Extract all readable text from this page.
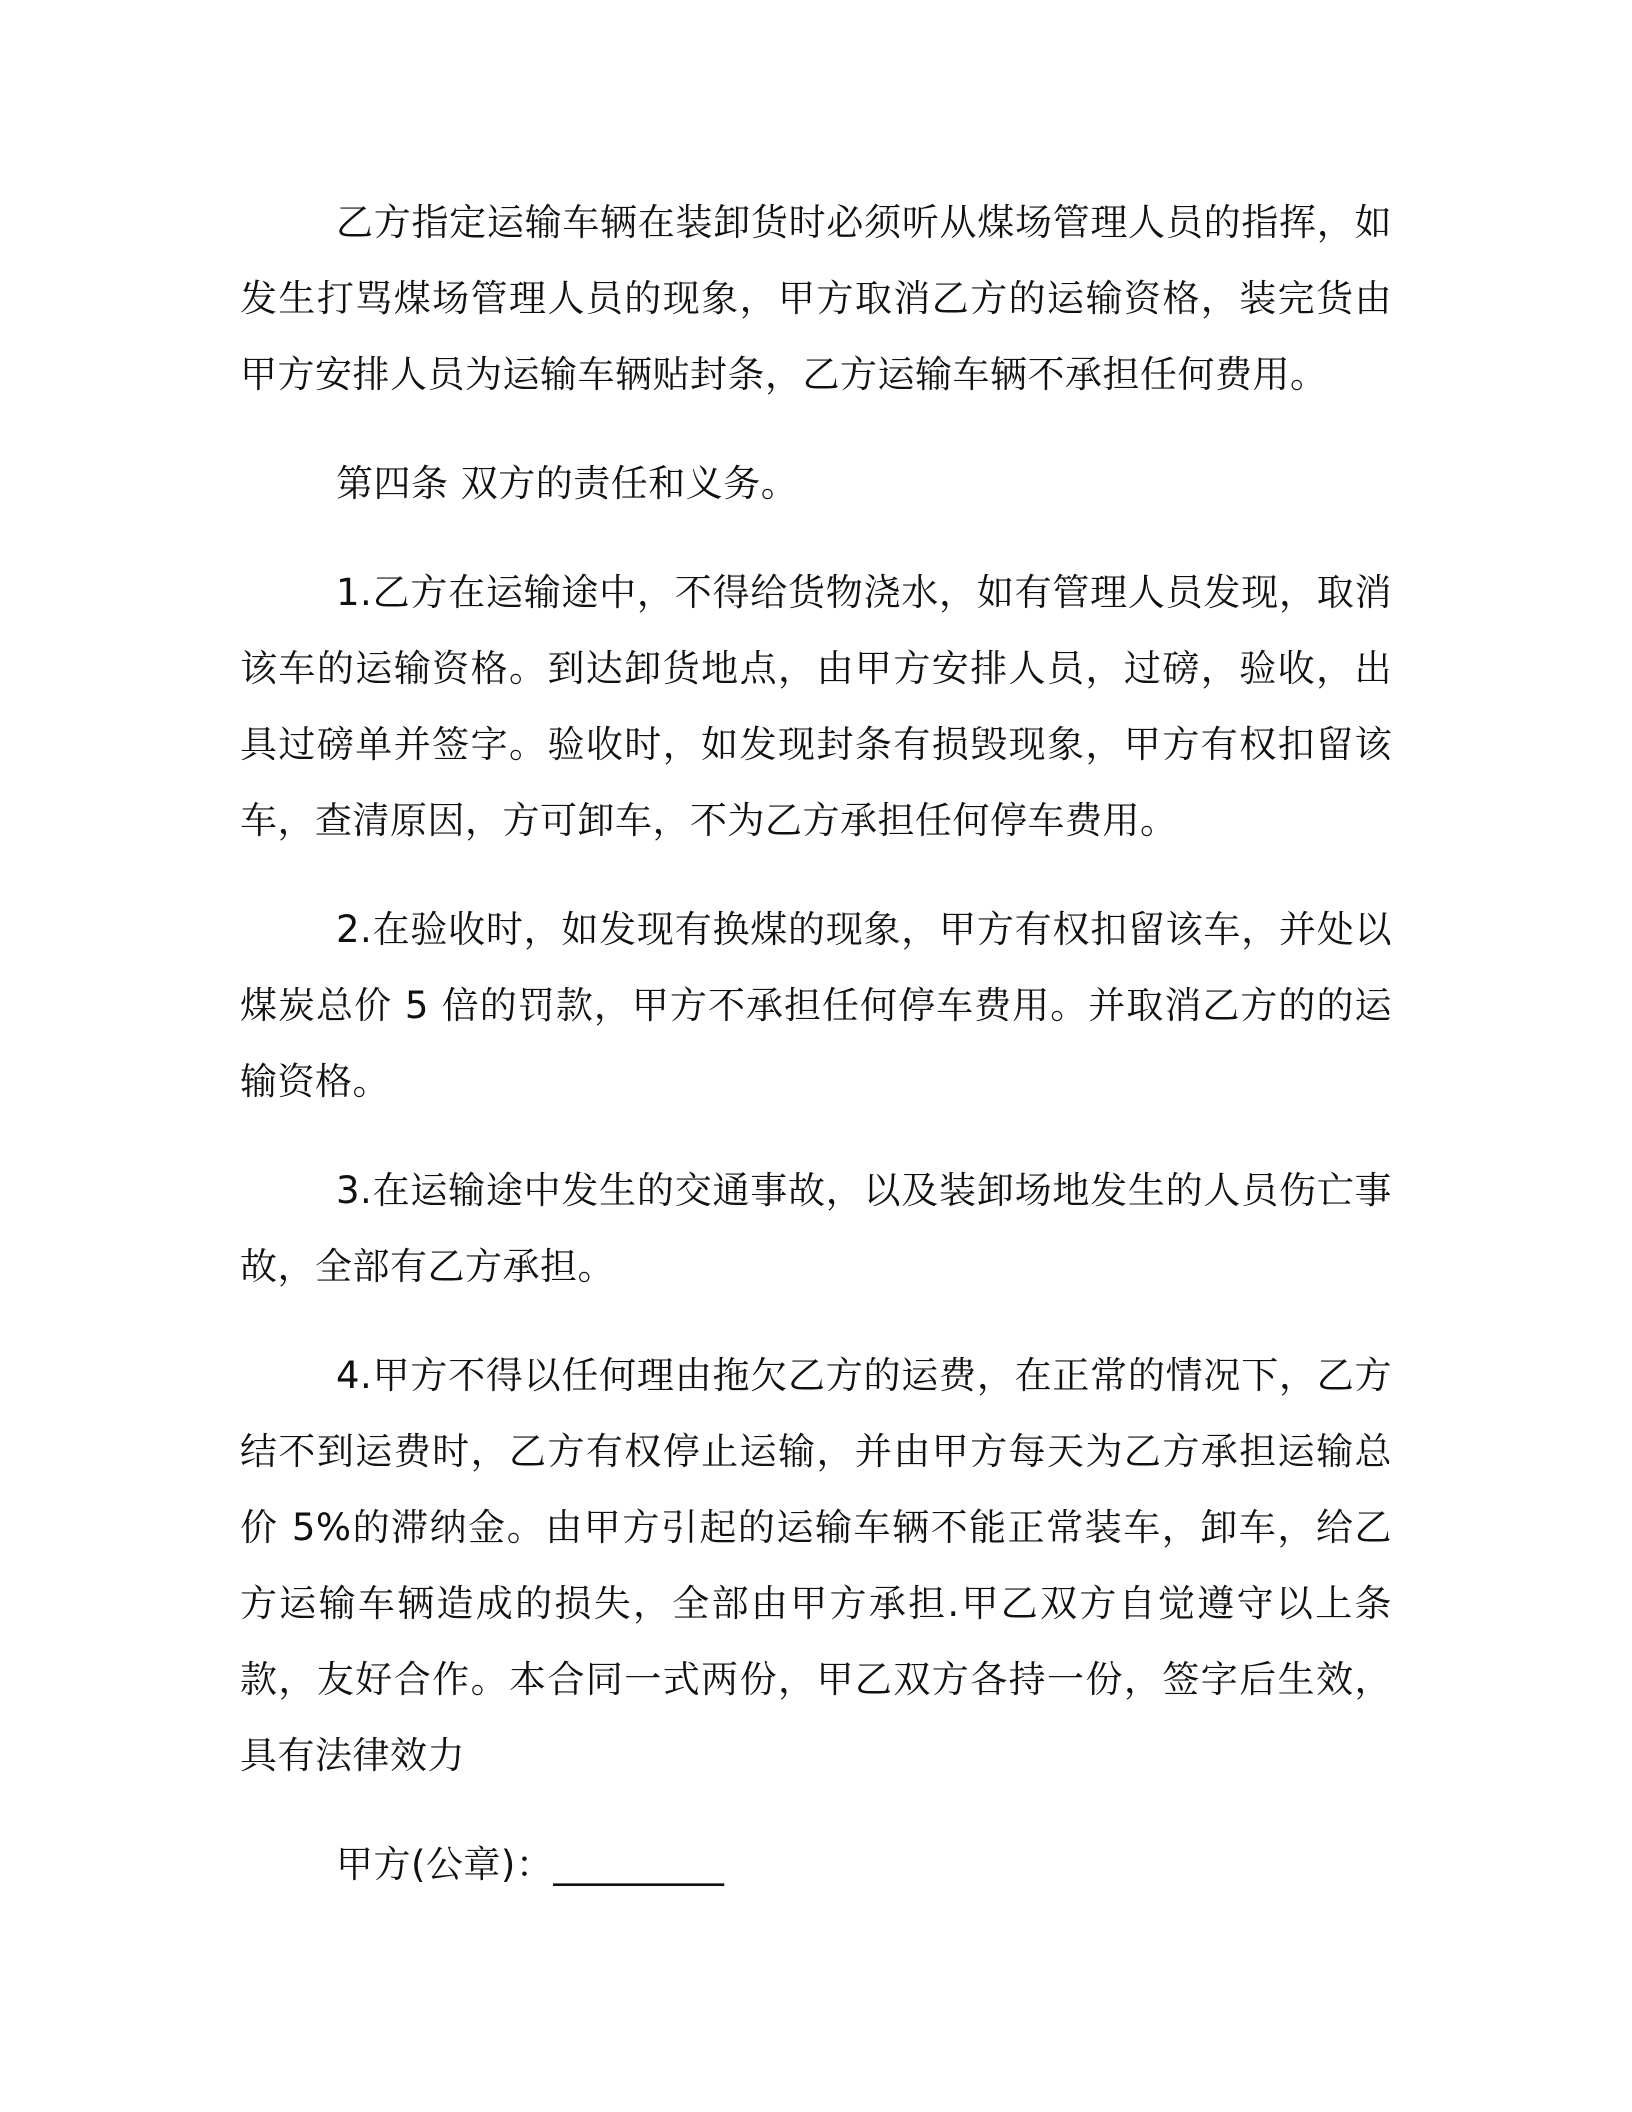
乙方指定运输车辆在装卸货时必须听从煤场管理人员的指挥，如发生打骂煤场管理人员的现象，甲方取消乙方的运输资格，装完货由甲方安排人员为运输车辆贴封条，乙方运输车辆不承担任何费用。

第四条 双方的责任和义务。

1.乙方在运输途中，不得给货物浇水，如有管理人员发现，取消该车的运输资格。到达卸货地点，由甲方安排人员，过磅，验收，出具过磅单并签字。验收时，如发现封条有损毁现象，甲方有权扣留该车，查清原因，方可卸车，不为乙方承担任何停车费用。

2.在验收时，如发现有换煤的现象，甲方有权扣留该车，并处以煤炭总价 5 倍的罚款，甲方不承担任何停车费用。并取消乙方的的运输资格。

3.在运输途中发生的交通事故，以及装卸场地发生的人员伤亡事故，全部有乙方承担。

4.甲方不得以任何理由拖欠乙方的运费，在正常的情况下，乙方结不到运费时，乙方有权停止运输，并由甲方每天为乙方承担运输总价 5%的滞纳金。由甲方引起的运输车辆不能正常装车，卸车，给乙方运输车辆造成的损失，全部由甲方承担.甲乙双方自觉遵守以上条款，友好合作。本合同一式两份，甲乙双方各持一份，签字后生效，具有法律效力

甲方(公章)：_________
